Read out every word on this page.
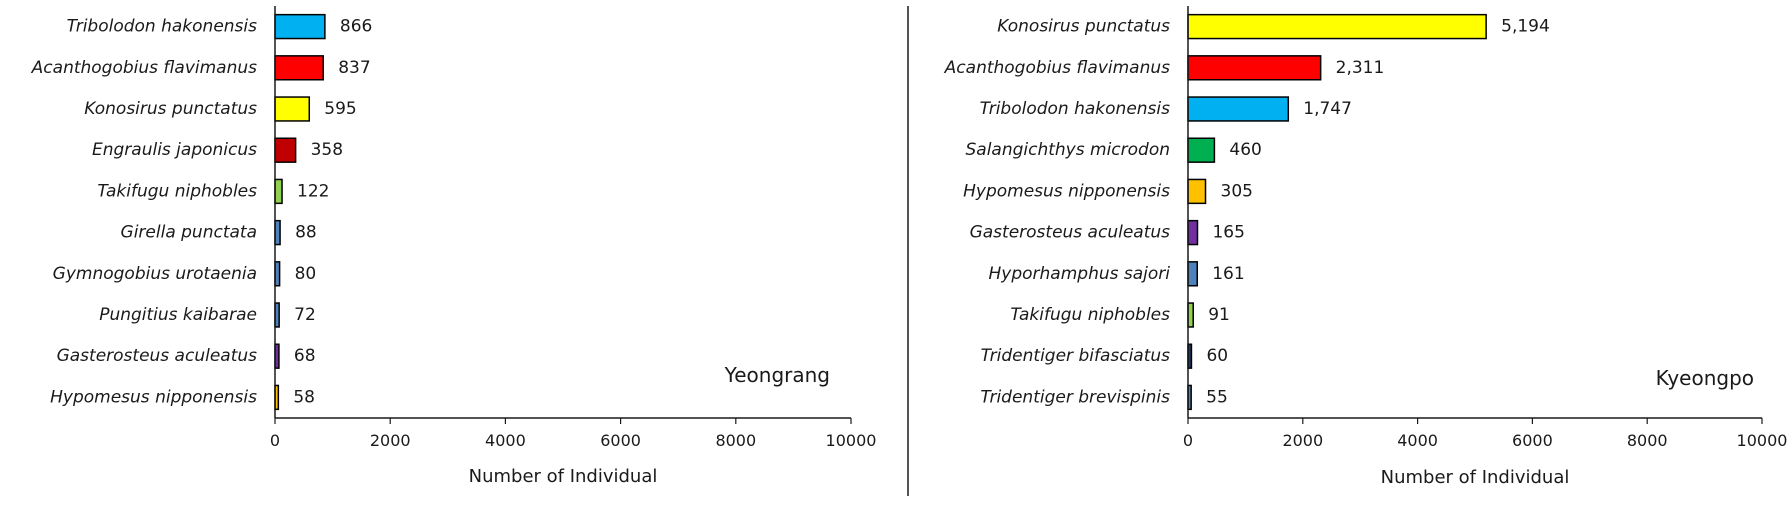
Tribolodon hakonensis	866
Acanthogobius flavimanus	837
Konosirus punctatus	595
Engraulis japonicus	358
Takifugu niphobles 122
Girella punctata 88
Gymnogobius urotaenia 80
Pungitius kaibarae 72
Gasterosteus aculeatus 68
Hypomesus nipponensis 58
0	2000	4000	6000	8000	10000
Number of Individual
Yeongrang
Konosirus punctatus	5,194
Acanthogobius flavimanus	2,311
Tribolodon hakonensis	1,747
Salangichthys microdon	460
Hypomesus nipponensis	305
Gasterosteus aculeatus 165
Hyporhamphus sajori 161
Takifugu niphobles 91
Tridentiger bifasciatus 60
Tridentiger brevispinis 55
0	2000	4000	6000	8000	10000
Number of Individual
Kyeongpo
